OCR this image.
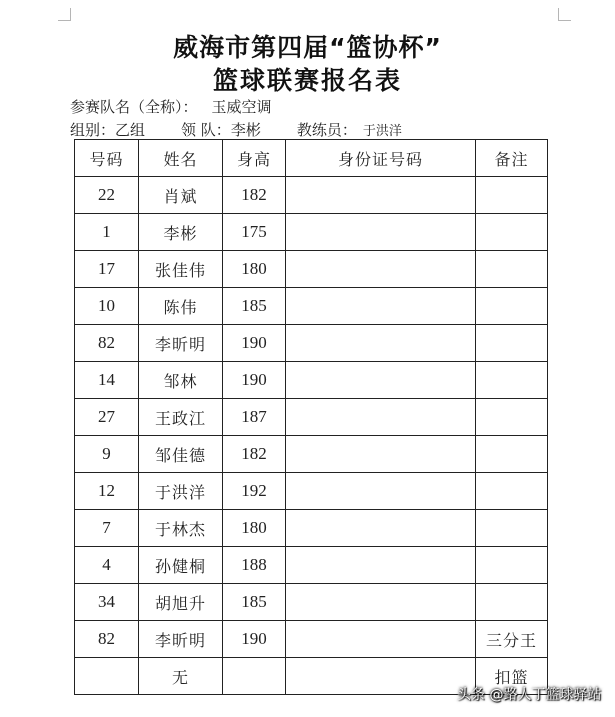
威海市第四届“篮协杯”
篮球联赛报名表
参赛队名（全称）： 玉威空调
组别：乙组 领 队：李彬 教练员： 于洪洋
号码	姓名	身高	身份证号码	备注
22	肖斌	182		
1	李彬	175		
17	张佳伟	180		
10	陈伟	185		
82	李昕明	190		
14	邹林	190		
27	王政江	187		
9	邹佳德	182		
12	于洪洋	192		
7	于林杰	180		
4	孙健桐	188		
34	胡旭升	185		
82	李昕明	190		三分王
	无			扣篮
头条 @路人丁篮球驿站
